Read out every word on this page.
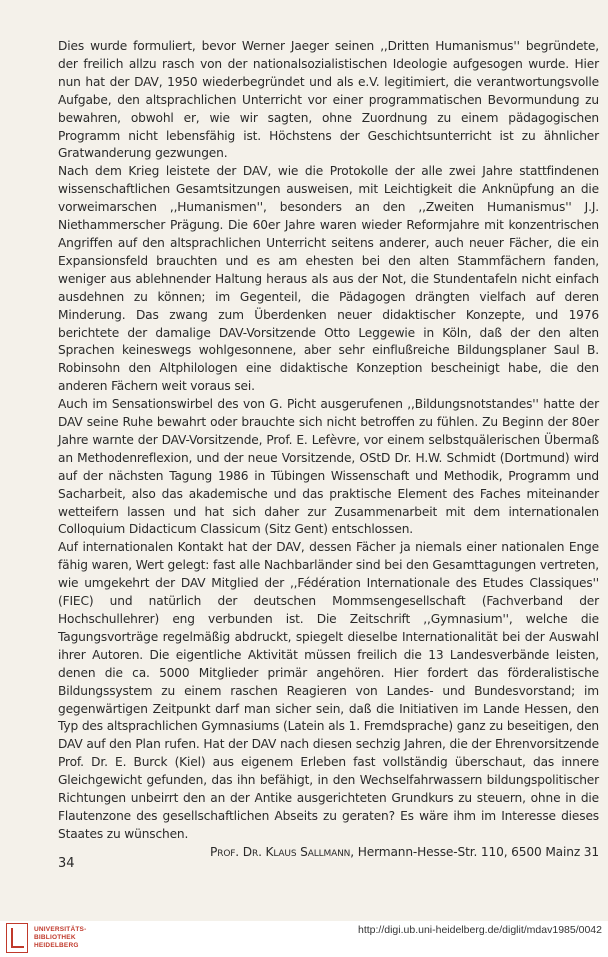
Dies wurde formuliert, bevor Werner Jaeger seinen ,,Dritten Humanismus'' begründete, der freilich allzu rasch von der nationalsozialistischen Ideologie aufgesogen wurde. Hier nun hat der DAV, 1950 wiederbegründet und als e.V. legitimiert, die verantwortungsvolle Aufgabe, den altsprachlichen Unterricht vor einer programmatischen Bevormundung zu bewahren, obwohl er, wie wir sagten, ohne Zuordnung zu einem pädagogischen Programm nicht lebensfähig ist. Höchstens der Geschichtsunterricht ist zu ähnlicher Gratwanderung gezwungen.

Nach dem Krieg leistete der DAV, wie die Protokolle der alle zwei Jahre stattfindenen wissenschaftlichen Gesamtsitzungen ausweisen, mit Leichtigkeit die Anknüpfung an die vorweimarschen ,,Humanismen'', besonders an den ,,Zweiten Humanismus'' J.J. Niethammerscher Prägung. Die 60er Jahre waren wieder Reformjahre mit konzentrischen Angriffen auf den altsprachlichen Unterricht seitens anderer, auch neuer Fächer, die ein Expansionsfeld brauchten und es am ehesten bei den alten Stammfächern fanden, weniger aus ablehnender Haltung heraus als aus der Not, die Stundentafeln nicht einfach ausdehnen zu können; im Gegenteil, die Pädagogen drängten vielfach auf deren Minderung. Das zwang zum Überdenken neuer didaktischer Konzepte, und 1976 berichtete der damalige DAV-Vorsitzende Otto Leggewie in Köln, daß der den alten Sprachen keineswegs wohlgesonnene, aber sehr einflußreiche Bildungsplaner Saul B. Robinsohn den Altphilologen eine didaktische Konzeption bescheinigt habe, die den anderen Fächern weit voraus sei.

Auch im Sensationswirbel des von G. Picht ausgerufenen ,,Bildungsnotstandes'' hatte der DAV seine Ruhe bewahrt oder brauchte sich nicht betroffen zu fühlen. Zu Beginn der 80er Jahre warnte der DAV-Vorsitzende, Prof. E. Lefèvre, vor einem selbstquälerischen Übermaß an Methodenreflexion, und der neue Vorsitzende, OStD Dr. H.W. Schmidt (Dortmund) wird auf der nächsten Tagung 1986 in Tübingen Wissenschaft und Methodik, Programm und Sacharbeit, also das akademische und das praktische Element des Faches miteinander wetteifern lassen und hat sich daher zur Zusammenarbeit mit dem internationalen Colloquium Didacticum Classicum (Sitz Gent) entschlossen.

Auf internationalen Kontakt hat der DAV, dessen Fächer ja niemals einer nationalen Enge fähig waren, Wert gelegt: fast alle Nachbarländer sind bei den Gesamttagungen vertreten, wie umgekehrt der DAV Mitglied der ,,Fédération Internationale des Etudes Classiques'' (FIEC) und natürlich der deutschen Mommsengesellschaft (Fachverband der Hochschullehrer) eng verbunden ist. Die Zeitschrift ,,Gymnasium'', welche die Tagungsvorträge regelmäßig abdruckt, spiegelt dieselbe Internationalität bei der Auswahl ihrer Autoren. Die eigentliche Aktivität müssen freilich die 13 Landesverbände leisten, denen die ca. 5000 Mitglieder primär angehören. Hier fordert das förderalistische Bildungssystem zu einem raschen Reagieren von Landes- und Bundesvorstand; im gegenwärtigen Zeitpunkt darf man sicher sein, daß die Initiativen im Lande Hessen, den Typ des altsprachlichen Gymnasiums (Latein als 1. Fremdsprache) ganz zu beseitigen, den DAV auf den Plan rufen. Hat der DAV nach diesen sechzig Jahren, die der Ehrenvorsitzende Prof. Dr. E. Burck (Kiel) aus eigenem Erleben fast vollständig überschaut, das innere Gleichgewicht gefunden, das ihn befähigt, in den Wechselfahrwassern bildungspolitischer Richtungen unbeirrt den an der Antike ausgerichteten Grundkurs zu steuern, ohne in die Flautenzone des gesellschaftlichen Abseits zu geraten? Es wäre ihm im Interesse dieses Staates zu wünschen.

Prof. Dr. Klaus Sallmann, Hermann-Hesse-Str. 110, 6500 Mainz 31

34
UNIVERSITÄTS-
BIBLIOTHEK
HEIDELBERG
http://digi.ub.uni-heidelberg.de/diglit/mdav1985/0042
